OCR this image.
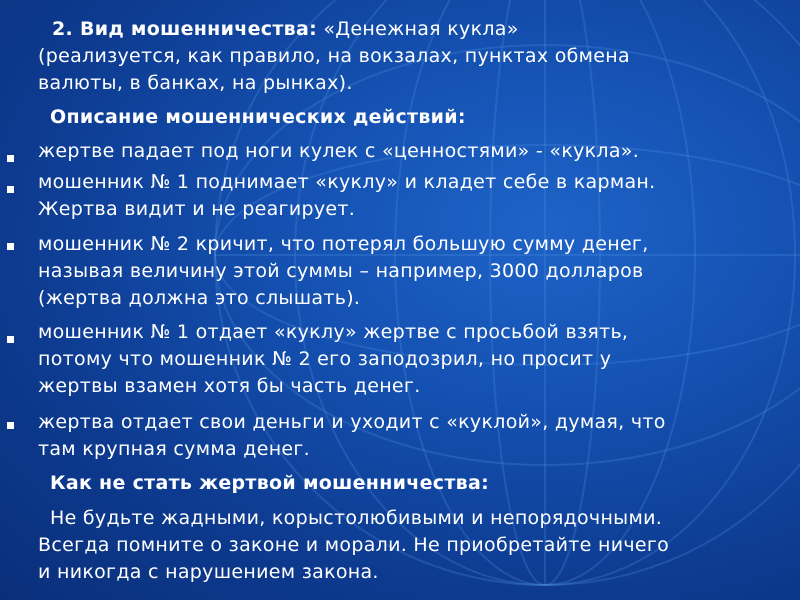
2. Вид мошенничества: «Денежная кукла»
(реализуется, как правило, на вокзалах, пунктах обмена
валюты, в банках, на рынках).
Описание мошеннических действий:
жертве падает под ноги кулек с «ценностями» - «кукла».
мошенник № 1 поднимает «куклу» и кладет себе в карман.
Жертва видит и не реагирует.
мошенник № 2 кричит, что потерял большую сумму денег,
называя величину этой суммы – например, 3000 долларов
(жертва должна это слышать).
мошенник № 1 отдает «куклу» жертве с просьбой взять,
потому что мошенник № 2 его заподозрил, но просит у
жертвы взамен хотя бы часть денег.
жертва отдает свои деньги и уходит с «куклой», думая, что
там крупная сумма денег.
Как не стать жертвой мошенничества:
Не будьте жадными, корыстолюбивыми и непорядочными.
Всегда помните о законе и морали. Не приобретайте ничего
и никогда с нарушением закона.
